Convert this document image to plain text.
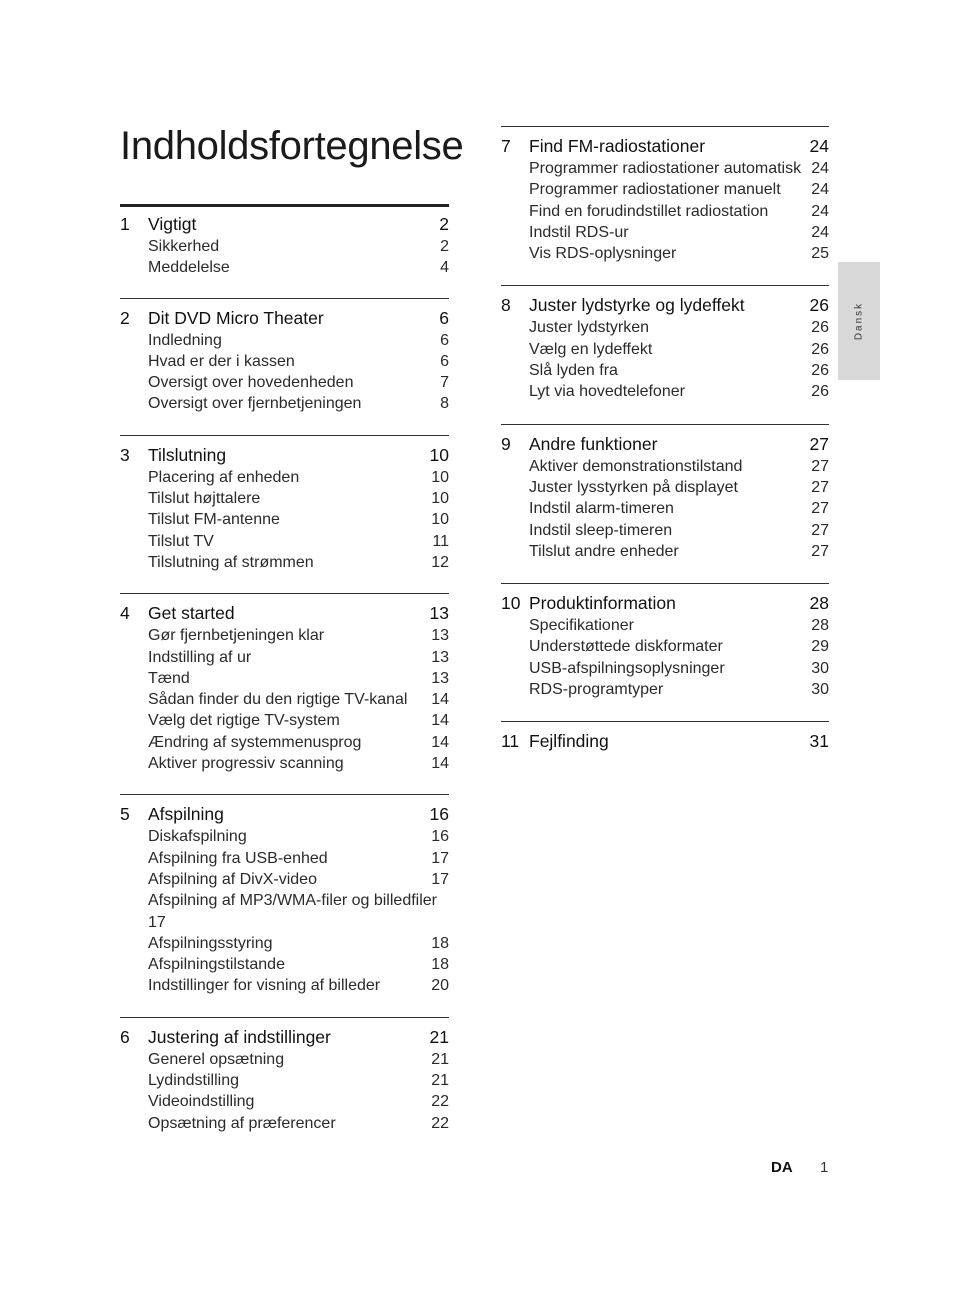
Indholdsfortegnelse
1	Vigtigt	2
Sikkerhed	2
Meddelelse	4
2	Dit DVD Micro Theater	6
Indledning	6
Hvad er der i kassen	6
Oversigt over hovedenheden	7
Oversigt over fjernbetjeningen	8
3	Tilslutning	10
Placering af enheden	10
Tilslut højttalere	10
Tilslut FM-antenne	10
Tilslut TV	11
Tilslutning af strømmen	12
4	Get started	13
Gør fjernbetjeningen klar	13
Indstilling af ur	13
Tænd	13
Sådan finder du den rigtige TV-kanal	14
Vælg det rigtige TV-system	14
Ændring af systemmenusprog	14
Aktiver progressiv scanning	14
5	Afspilning	16
Diskafspilning	16
Afspilning fra USB-enhed	17
Afspilning af DivX-video	17
Afspilning af MP3/WMA-filer og billedfiler
17
Afspilningsstyring	18
Afspilningstilstande	18
Indstillinger for visning af billeder	20
6	Justering af indstillinger	21
Generel opsætning	21
Lydindstilling	21
Videoindstilling	22
Opsætning af præferencer	22
7	Find FM-radiostationer	24
Programmer radiostationer automatisk 24
Programmer radiostationer manuelt	24
Find en forudindstillet radiostation	24
Indstil RDS-ur	24
Vis RDS-oplysninger	25
8	Juster lydstyrke og lydeffekt	26
Juster lydstyrken	26
Vælg en lydeffekt	26
Slå lyden fra	26
Lyt via hovedtelefoner	26
9	Andre funktioner	27
Aktiver demonstrationstilstand	27
Juster lysstyrken på displayet	27
Indstil alarm-timeren	27
Indstil sleep-timeren	27
Tilslut andre enheder	27
10 Produktinformation	28
Specifikationer	28
Understøttede diskformater	29
USB-afspilningsoplysninger	30
RDS-programtyper	30
11 Fejlfinding	31
Dansk
DA 1
